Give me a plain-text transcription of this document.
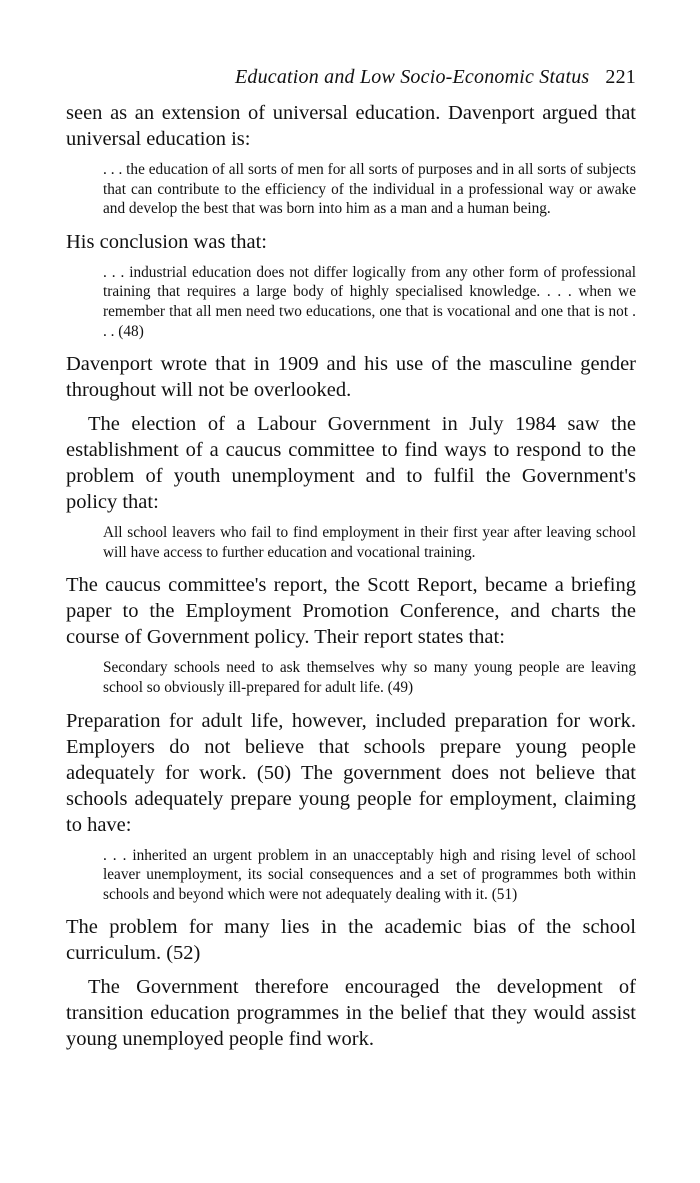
Education and Low Socio-Economic Status 221

seen as an extension of universal education. Davenport argued that universal education is:

. . . the education of all sorts of men for all sorts of purposes and in all sorts of subjects that can contribute to the efficiency of the individual in a professional way or awake and develop the best that was born into him as a man and a human being.

His conclusion was that:

. . . industrial education does not differ logically from any other form of professional training that requires a large body of highly specialised knowledge. . . . when we remember that all men need two educations, one that is vocational and one that is not . . . (48)

Davenport wrote that in 1909 and his use of the masculine gender throughout will not be overlooked.

The election of a Labour Government in July 1984 saw the establishment of a caucus committee to find ways to respond to the problem of youth unemployment and to fulfil the Government's policy that:

All school leavers who fail to find employment in their first year after leaving school will have access to further education and vocational training.

The caucus committee's report, the Scott Report, became a briefing paper to the Employment Promotion Conference, and charts the course of Government policy. Their report states that:

Secondary schools need to ask themselves why so many young people are leaving school so obviously ill-prepared for adult life. (49)

Preparation for adult life, however, included preparation for work. Employers do not believe that schools prepare young people adequately for work. (50) The government does not believe that schools adequately prepare young people for employment, claiming to have:

. . . inherited an urgent problem in an unacceptably high and rising level of school leaver unemployment, its social consequences and a set of programmes both within schools and beyond which were not adequately dealing with it. (51)

The problem for many lies in the academic bias of the school curriculum. (52)

The Government therefore encouraged the development of transition education programmes in the belief that they would assist young unemployed people find work.
